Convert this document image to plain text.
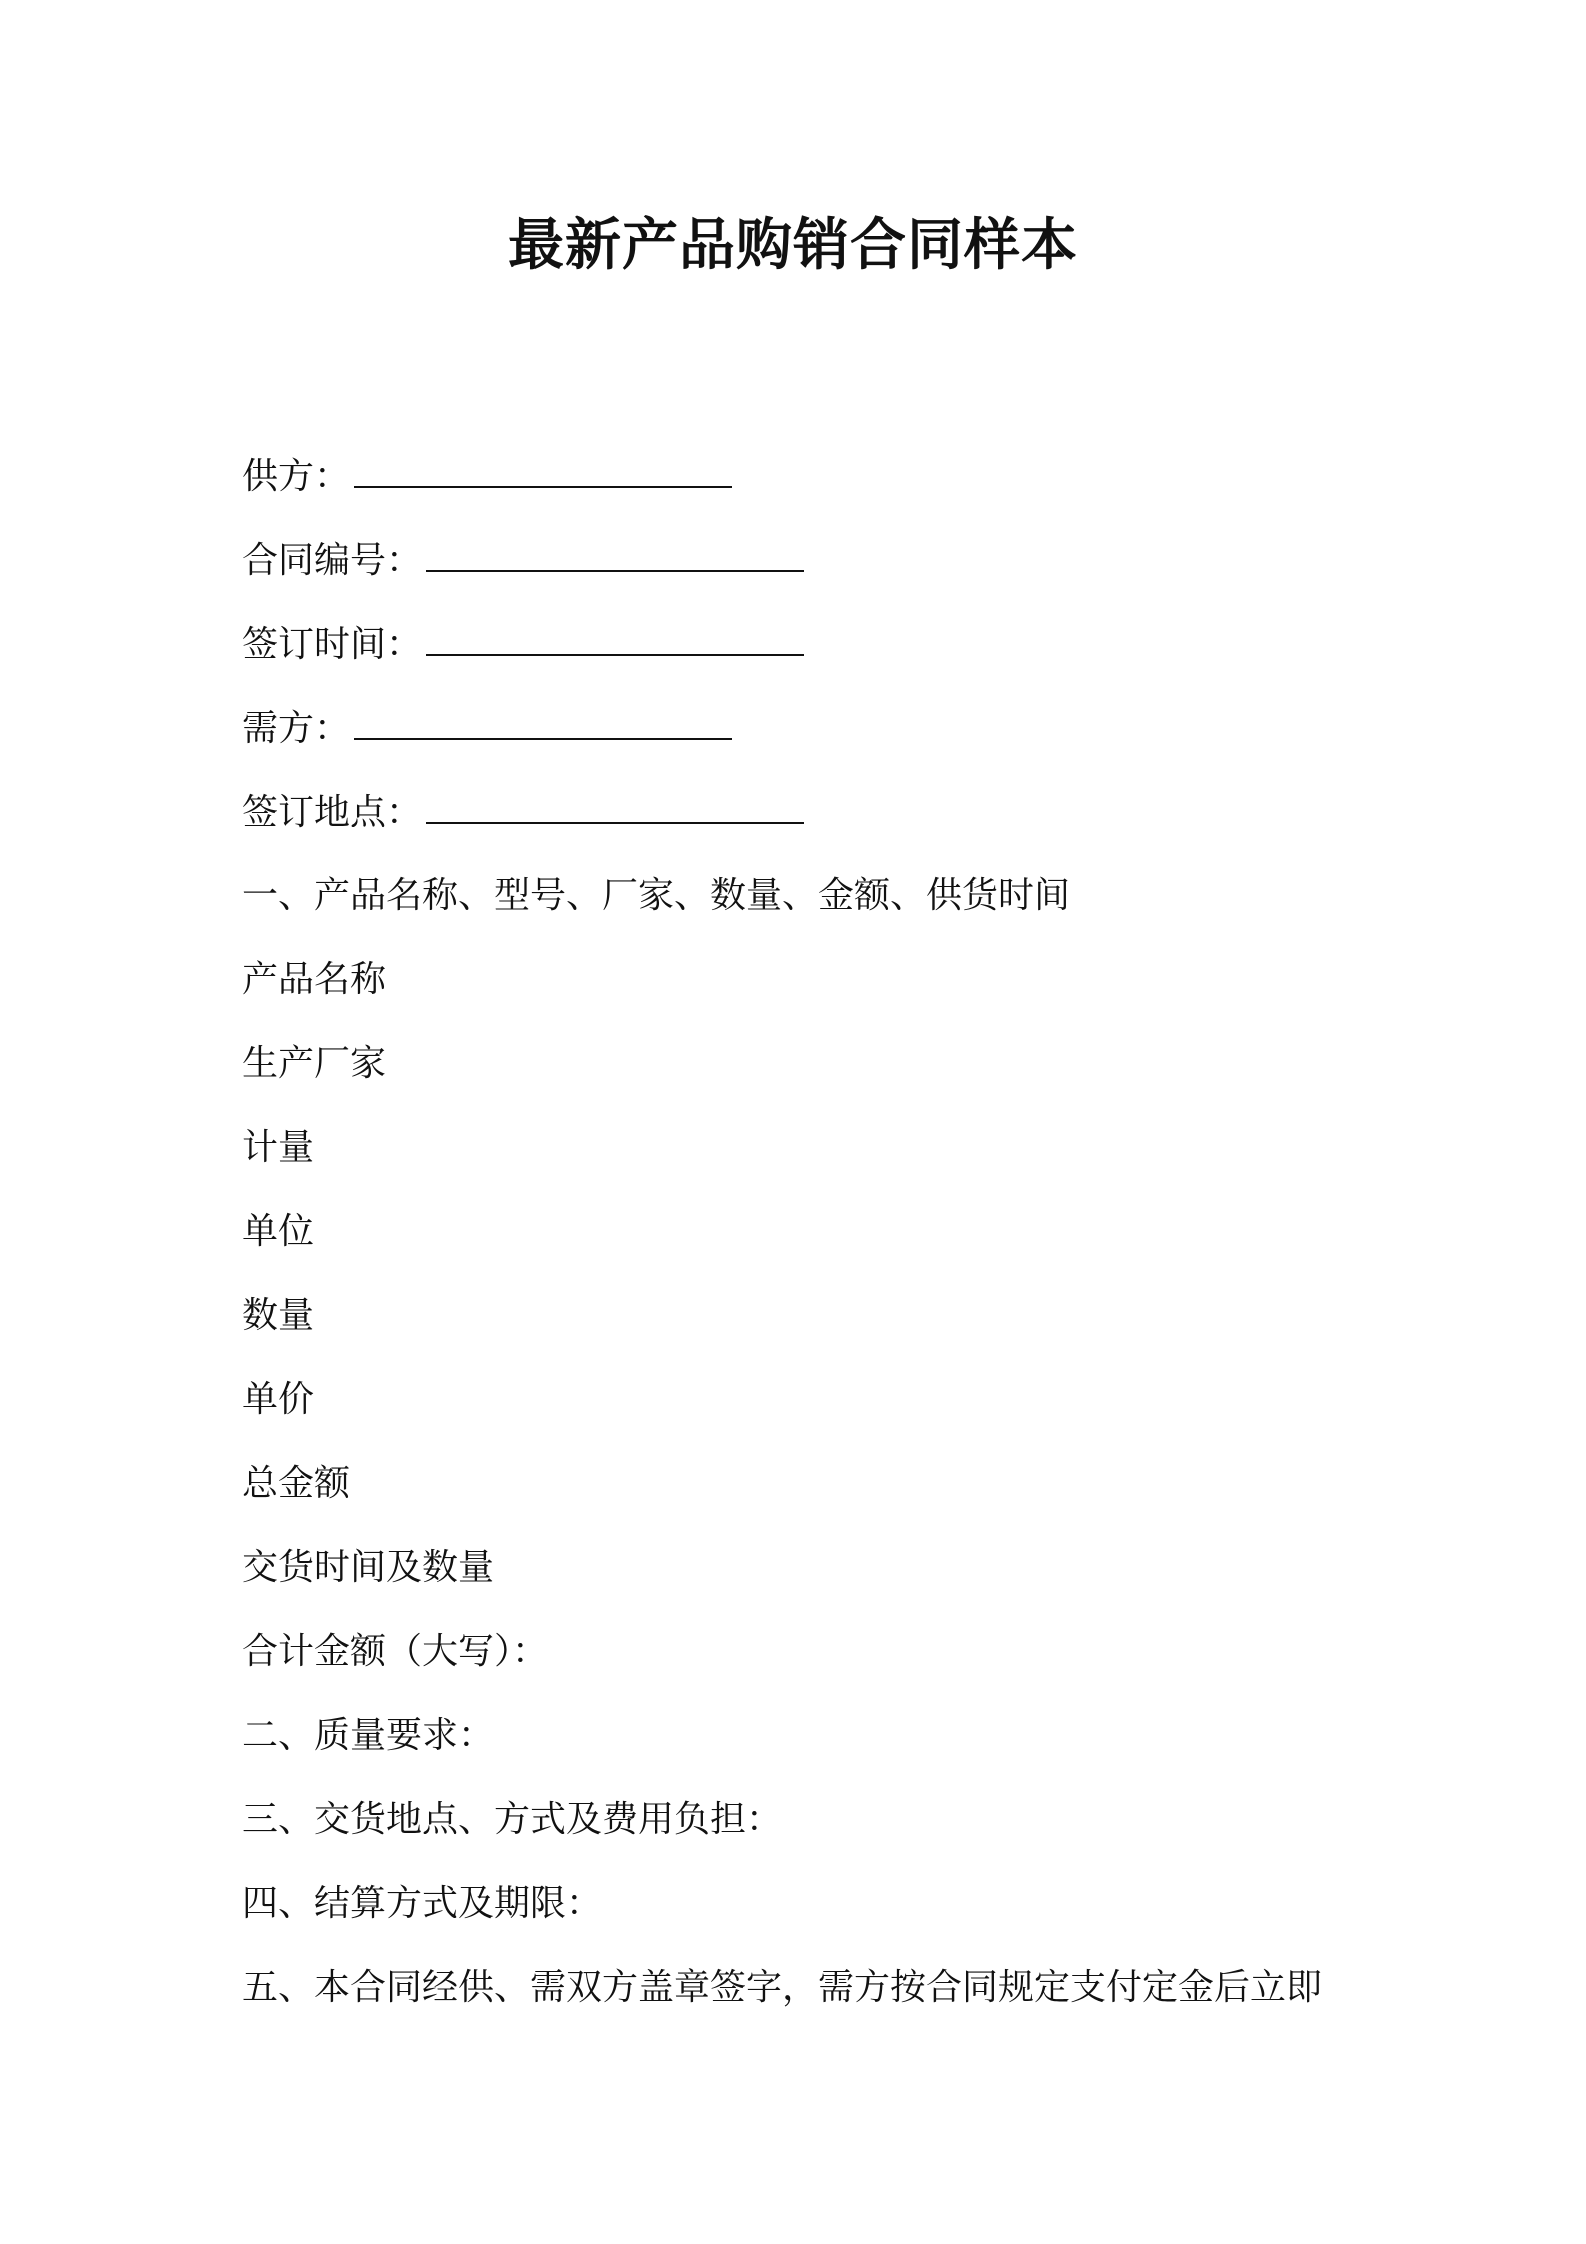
最新产品购销合同样本
供方：
合同编号：
签订时间：
需方：
签订地点：
一、产品名称、型号、厂家、数量、金额、供货时间
产品名称
生产厂家
计量
单位
数量
单价
总金额
交货时间及数量
合计金额（大写）：
二、质量要求：
三、交货地点、方式及费用负担：
四、结算方式及期限：
五、本合同经供、需双方盖章签字，需方按合同规定支付定金后立即
